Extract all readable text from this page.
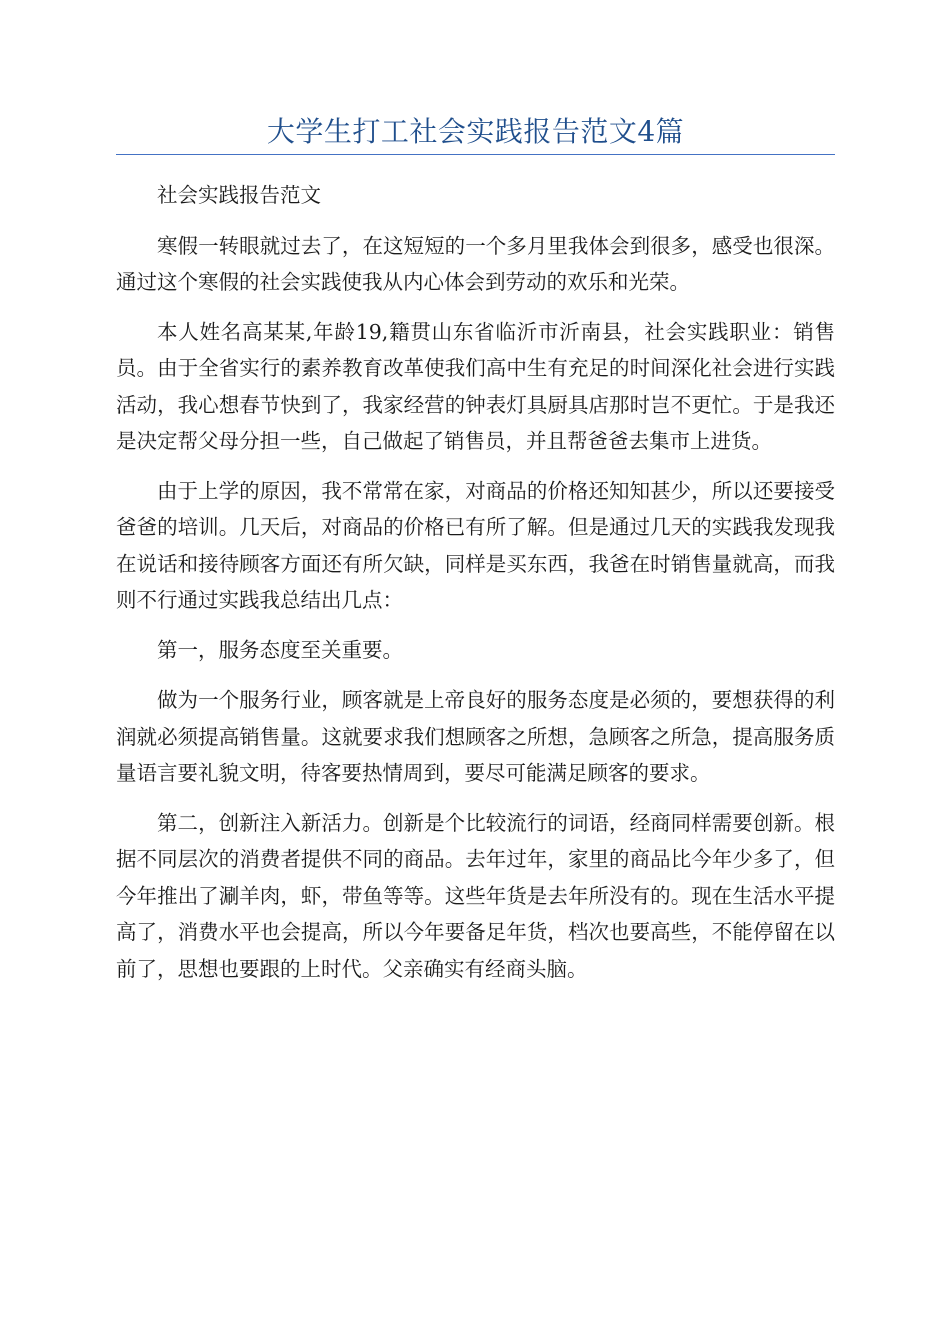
大学生打工社会实践报告范文4篇

社会实践报告范文

寒假一转眼就过去了，在这短短的一个多月里我体会到很多，感受也很深。通过这个寒假的社会实践使我从内心体会到劳动的欢乐和光荣。

本人姓名高某某,年龄19,籍贯山东省临沂市沂南县，社会实践职业：销售员。由于全省实行的素养教育改革使我们高中生有充足的时间深化社会进行实践活动，我心想春节快到了，我家经营的钟表灯具厨具店那时岂不更忙。于是我还是决定帮父母分担一些，自己做起了销售员，并且帮爸爸去集市上进货。

由于上学的原因，我不常常在家，对商品的价格还知知甚少，所以还要接受爸爸的培训。几天后，对商品的价格已有所了解。但是通过几天的实践我发现我在说话和接待顾客方面还有所欠缺，同样是买东西，我爸在时销售量就高，而我则不行通过实践我总结出几点：

第一，服务态度至关重要。

做为一个服务行业，顾客就是上帝良好的服务态度是必须的，要想获得的利润就必须提高销售量。这就要求我们想顾客之所想，急顾客之所急，提高服务质量语言要礼貌文明，待客要热情周到，要尽可能满足顾客的要求。

第二，创新注入新活力。创新是个比较流行的词语，经商同样需要创新。根据不同层次的消费者提供不同的商品。去年过年，家里的商品比今年少多了，但今年推出了涮羊肉，虾，带鱼等等。这些年货是去年所没有的。现在生活水平提高了，消费水平也会提高，所以今年要备足年货，档次也要高些，不能停留在以前了，思想也要跟的上时代。父亲确实有经商头脑。
